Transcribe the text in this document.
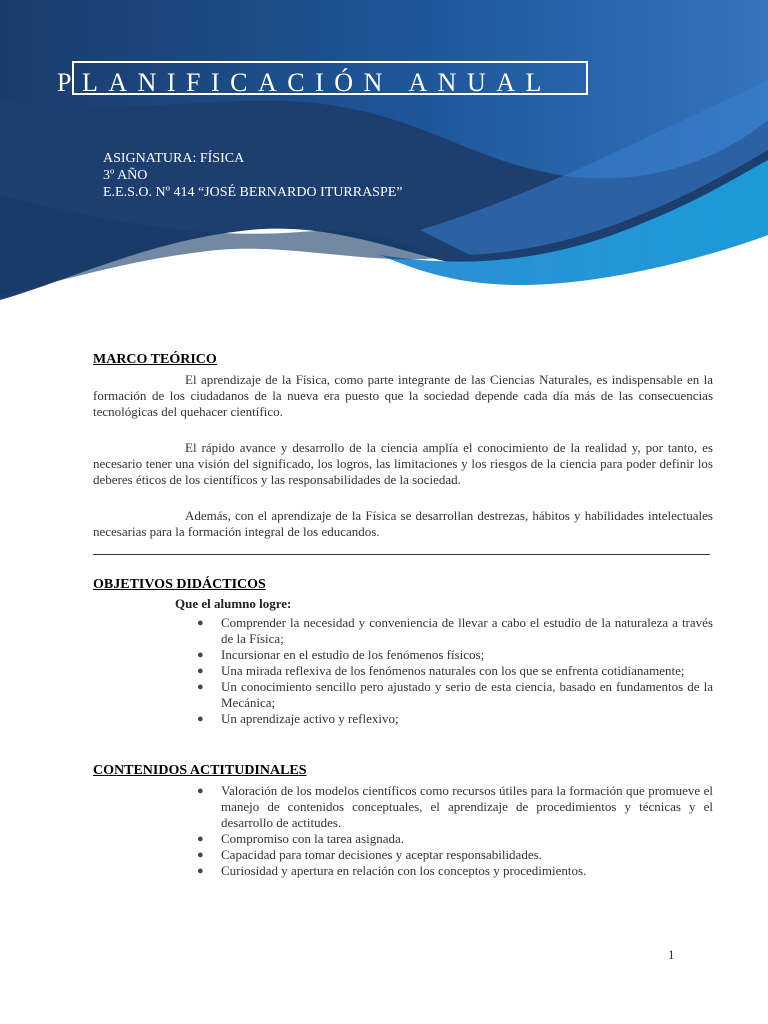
PLANIFICACIÓN ANUAL
ASIGNATURA: FÍSICA
3º AÑO
E.E.S.O. Nº 414 “JOSÉ BERNARDO ITURRASPE”
MARCO TEÓRICO
El aprendizaje de la Física, como parte integrante de las Ciencias Naturales, es indispensable en la formación de los ciudadanos de la nueva era puesto que la sociedad depende cada día más de las consecuencias tecnológicas del quehacer científico.
El rápido avance y desarrollo de la ciencia amplía el conocimiento de la realidad y, por tanto, es necesario tener una visión del significado, los logros, las limitaciones y los riesgos de la ciencia para poder definir los deberes éticos de los científicos y las responsabilidades de la sociedad.
Además, con el aprendizaje de la Física se desarrollan destrezas, hábitos y habilidades intelectuales necesarias para la formación integral de los educandos.
OBJETIVOS DIDÁCTICOS
Que el alumno logre:
● Comprender la necesidad y conveniencia de llevar a cabo el estudio de la naturaleza a través de la Física;
● Incursionar en el estudio de los fenómenos físicos;
● Una mirada reflexiva de los fenómenos naturales con los que se enfrenta cotidianamente;
● Un conocimiento sencillo pero ajustado y serio de esta ciencia, basado en fundamentos de la Mecánica;
● Un aprendizaje activo y reflexivo;
CONTENIDOS ACTITUDINALES
● Valoración de los modelos científicos como recursos útiles para la formación que promueve el manejo de contenidos conceptuales, el aprendizaje de procedimientos y técnicas y el desarrollo de actitudes.
● Compromiso con la tarea asignada.
● Capacidad para tomar decisiones y aceptar responsabilidades.
● Curiosidad y apertura en relación con los conceptos y procedimientos.
1
